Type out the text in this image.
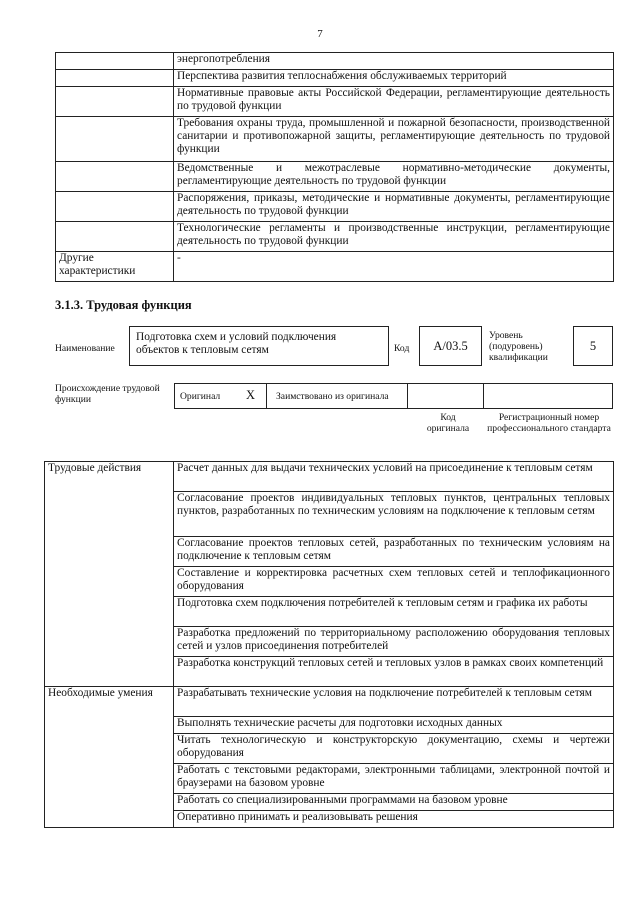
7
	энергопотребления
	Перспектива развития теплоснабжения обслуживаемых территорий
	Нормативные правовые акты Российской Федерации, регламентирующие деятельность по трудовой функции
	Требования охраны труда, промышленной и пожарной безопасности, производственной санитарии и противопожарной защиты, регламентирующие деятельность по трудовой функции
	Ведомственные и межотраслевые нормативно-методические документы, регламентирующие деятельность по трудовой функции
	Распоряжения, приказы, методические и нормативные документы, регламентирующие деятельность по трудовой функции
	Технологические регламенты и производственные инструкции, регламентирующие деятельность по трудовой функции
Другие характеристики	-
3.1.3. Трудовая функция
Наименование
Подготовка схем и условий подключения объектов к тепловым сетям	Код	А/03.5
Уровень (подуровень) квалификации
5
Происхождение трудовой функции	Оригинал X Заимствовано из оригинала
Код оригинала
Регистрационный номер профессионального стандарта
Трудовые действия	Расчет данных для выдачи технических условий на присоединение к тепловым сетям
	Согласование проектов индивидуальных тепловых пунктов, центральных тепловых пунктов, разработанных по техническим условиям на подключение к тепловым сетям
	Согласование проектов тепловых сетей, разработанных по техническим условиям на подключение к тепловым сетям
	Составление и корректировка расчетных схем тепловых сетей и теплофикационного оборудования
	Подготовка схем подключения потребителей к тепловым сетям и графика их работы
	Разработка предложений по территориальному расположению оборудования тепловых сетей и узлов присоединения потребителей
	Разработка конструкций тепловых сетей и тепловых узлов в рамках своих компетенций
Необходимые умения	Разрабатывать технические условия на подключение потребителей к тепловым сетям
	Выполнять технические расчеты для подготовки исходных данных
	Читать технологическую и конструкторскую документацию, схемы и чертежи оборудования
	Работать с текстовыми редакторами, электронными таблицами, электронной почтой и браузерами на базовом уровне
	Работать со специализированными программами на базовом уровне
	Оперативно принимать и реализовывать решения
